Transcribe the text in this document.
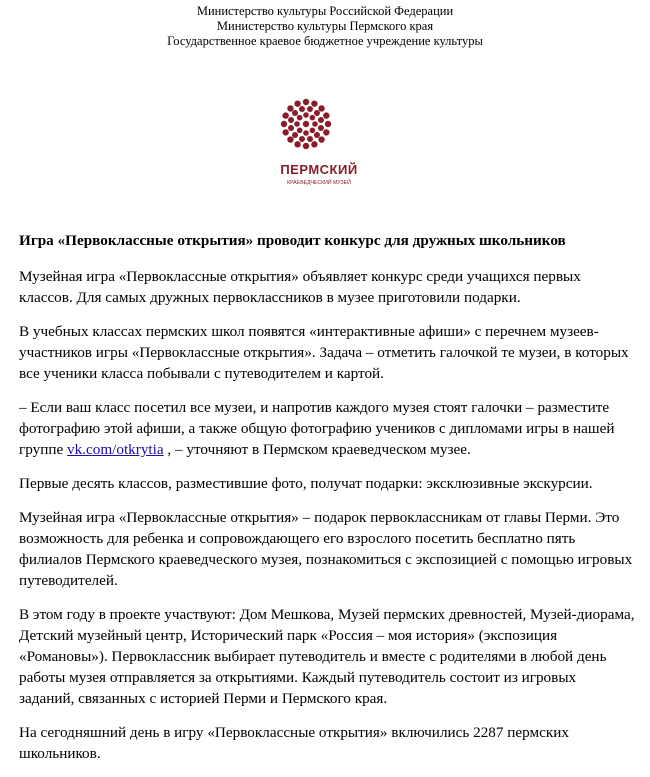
Министерство культуры Российской Федерации
Министерство культуры Пермского края
Государственное краевое бюджетное учреждение культуры
ПЕРМСКИЙ
КРАЕВЕДЧЕСКИЙ МУЗЕЙ
Игра «Первоклассные открытия» проводит конкурс для дружных школьников

Музейная игра «Первоклассные открытия» объявляет конкурс среди учащихся первых классов. Для самых дружных первоклассников в музее приготовили подарки.

В учебных классах пермских школ появятся «интерактивные афиши» с перечнем музеев-участников игры «Первоклассные открытия». Задача – отметить галочкой те музеи, в которых все ученики класса побывали с путеводителем и картой.

– Если ваш класс посетил все музеи, и напротив каждого музея стоят галочки – разместите фотографию этой афиши, а также общую фотографию учеников с дипломами игры в нашей группе vk.com/otkrytia , – уточняют в Пермском краеведческом музее.

Первые десять классов, разместившие фото, получат подарки: эксклюзивные экскурсии.

Музейная игра «Первоклассные открытия» – подарок первоклассникам от главы Перми. Это возможность для ребенка и сопровождающего его взрослого посетить бесплатно пять филиалов Пермского краеведческого музея, познакомиться с экспозицией с помощью игровых путеводителей.

В этом году в проекте участвуют: Дом Мешкова, Музей пермских древностей, Музей-диорама, Детский музейный центр, Исторический парк «Россия – моя история» (экспозиция «Романовы»). Первоклассник выбирает путеводитель и вместе с родителями в любой день работы музея отправляется за открытиями. Каждый путеводитель состоит из игровых заданий, связанных с историей Перми и Пермского края.

На сегодняшний день в игру «Первоклассные открытия» включились 2287 пермских школьников.
